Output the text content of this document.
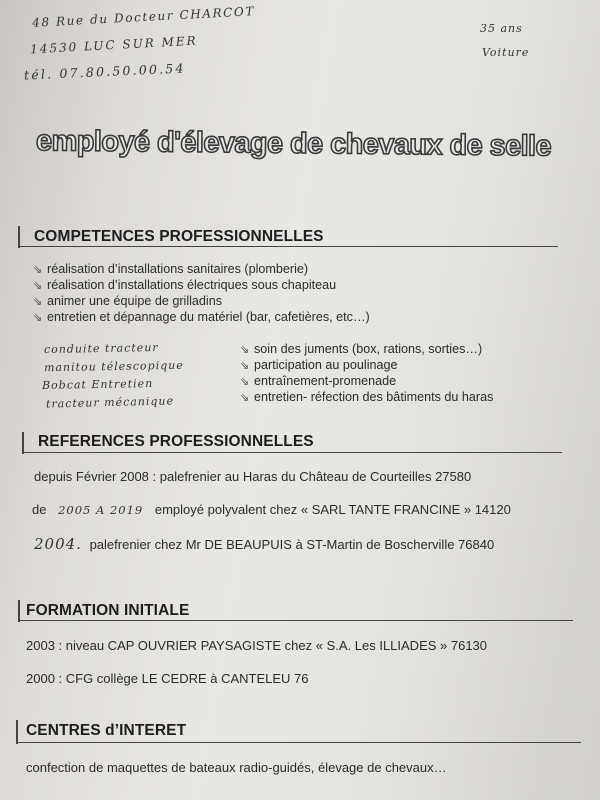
48 Rue du Docteur CHARCOT
14530 LUC SUR MER
tél. 07.80.50.00.54
35 ans
Voiture
employé d'élevage de chevaux de selle
COMPETENCES PROFESSIONNELLES
⇘ réalisation d’installations sanitaires (plomberie)
⇘ réalisation d’installations électriques sous chapiteau
⇘ animer une équipe de grilladins
⇘ entretien et dépannage du matériel (bar, cafetières, etc…)
conduite tracteur
manitou télescopique
Bobcat Entretien
tracteur mécanique
⇘ soin des juments (box, rations, sorties…)
⇘ participation au poulinage
⇘ entraînement-promenade
⇘ entretien- réfection des bâtiments du haras
REFERENCES PROFESSIONNELLES
depuis Février 2008 : palefrenier au Haras du Château de Courteilles 27580
de 2005 A 2019 employé polyvalent chez « SARL TANTE FRANCINE » 14120
2004. palefrenier chez Mr DE BEAUPUIS à ST-Martin de Boscherville 76840
FORMATION INITIALE
2003 : niveau CAP OUVRIER PAYSAGISTE chez « S.A. Les ILLIADES » 76130
2000 : CFG collège LE CEDRE à CANTELEU 76
CENTRES d’INTERET
confection de maquettes de bateaux radio-guidés, élevage de chevaux…
